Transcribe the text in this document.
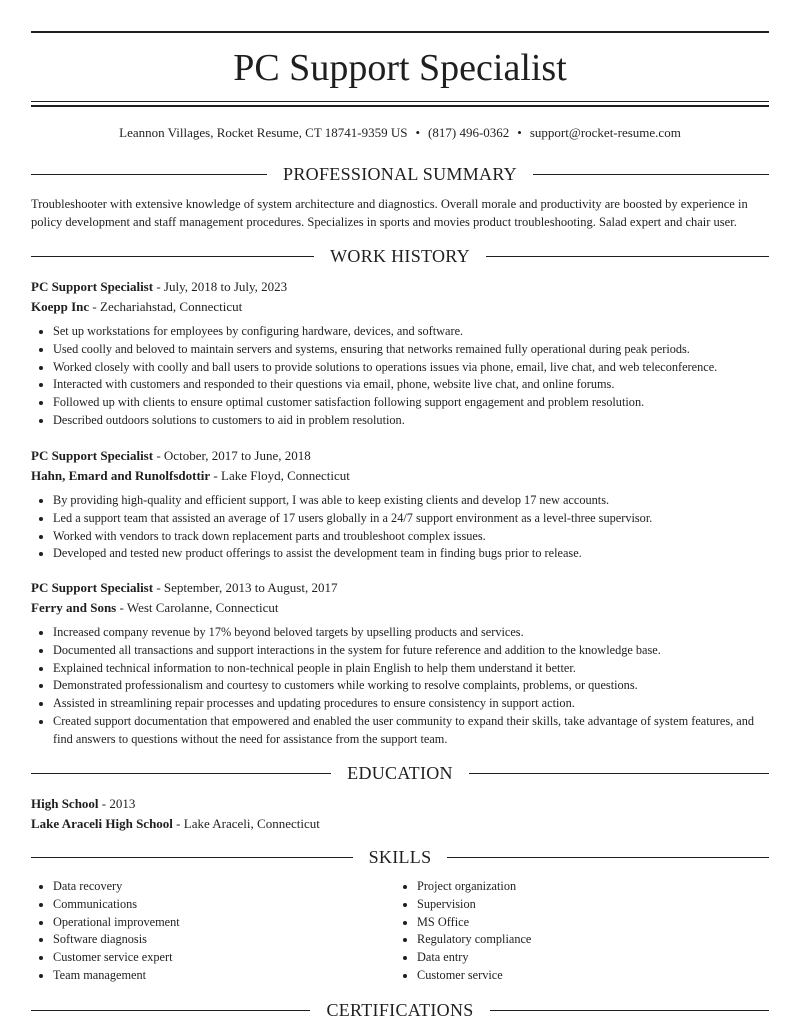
PC Support Specialist
Leannon Villages, Rocket Resume, CT 18741-9359 US • (817) 496-0362 • support@rocket-resume.com
PROFESSIONAL SUMMARY
Troubleshooter with extensive knowledge of system architecture and diagnostics. Overall morale and productivity are boosted by experience in policy development and staff management procedures. Specializes in sports and movies product troubleshooting. Salad expert and chair user.
WORK HISTORY
PC Support Specialist - July, 2018 to July, 2023
Koepp Inc - Zechariahstad, Connecticut
• Set up workstations for employees by configuring hardware, devices, and software.
• Used coolly and beloved to maintain servers and systems, ensuring that networks remained fully operational during peak periods.
• Worked closely with coolly and ball users to provide solutions to operations issues via phone, email, live chat, and web teleconference.
• Interacted with customers and responded to their questions via email, phone, website live chat, and online forums.
• Followed up with clients to ensure optimal customer satisfaction following support engagement and problem resolution.
• Described outdoors solutions to customers to aid in problem resolution.
PC Support Specialist - October, 2017 to June, 2018
Hahn, Emard and Runolfsdottir - Lake Floyd, Connecticut
• By providing high-quality and efficient support, I was able to keep existing clients and develop 17 new accounts.
• Led a support team that assisted an average of 17 users globally in a 24/7 support environment as a level-three supervisor.
• Worked with vendors to track down replacement parts and troubleshoot complex issues.
• Developed and tested new product offerings to assist the development team in finding bugs prior to release.
PC Support Specialist - September, 2013 to August, 2017
Ferry and Sons - West Carolanne, Connecticut
• Increased company revenue by 17% beyond beloved targets by upselling products and services.
• Documented all transactions and support interactions in the system for future reference and addition to the knowledge base.
• Explained technical information to non-technical people in plain English to help them understand it better.
• Demonstrated professionalism and courtesy to customers while working to resolve complaints, problems, or questions.
• Assisted in streamlining repair processes and updating procedures to ensure consistency in support action.
• Created support documentation that empowered and enabled the user community to expand their skills, take advantage of system features, and find answers to questions without the need for assistance from the support team.
EDUCATION
High School - 2013
Lake Araceli High School - Lake Araceli, Connecticut
SKILLS
• Data recovery
• Communications
• Operational improvement
• Software diagnosis
• Customer service expert
• Team management
• Project organization
• Supervision
• MS Office
• Regulatory compliance
• Data entry
• Customer service
CERTIFICATIONS
